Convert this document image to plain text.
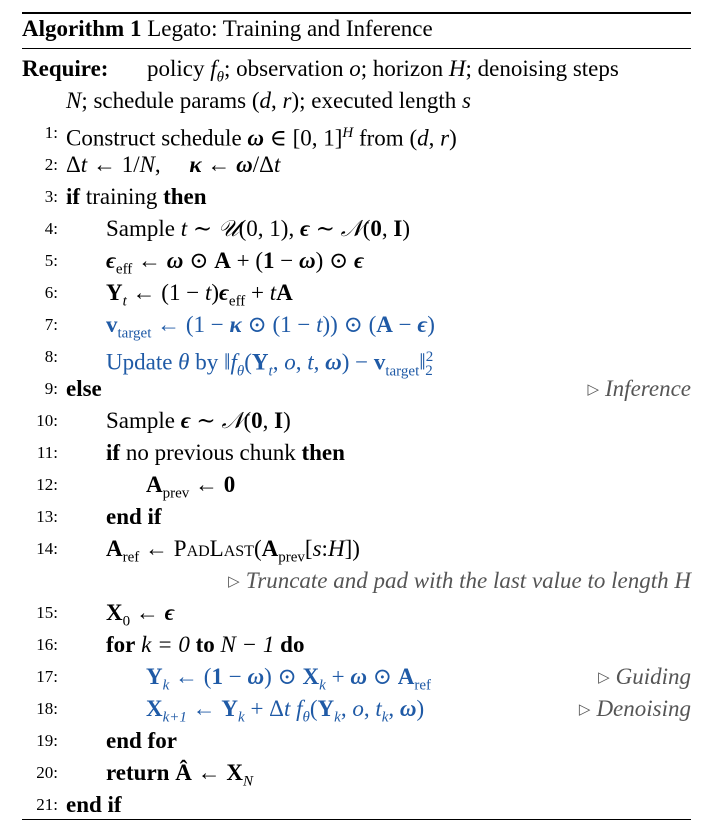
Algorithm 1 Legato: Training and Inference
Require: policy $f_\theta$; observation o; horizon H; denoising steps
N; schedule params (d, r); executed length s
1: Construct schedule ω ∈ [0, 1]$^H$ from (d, r)
2: Δt ← 1/N,     κ ← ω/Δt
3: if training then
4: Sample t ∼ 𝒰(0, 1), ϵ ∼ 𝒩(0, I)
5: $\epsilon_{eff}$ ← ω ⊙ A + (1 − ω) ⊙ ϵ
6: $Y_t$ ← $(1 - t)\epsilon_{eff}$ + tA
7: $v_{target}$ ← (1 − κ ⊙ (1 − t)) ⊙ (A − ϵ)
8: Update θ by $‖f_\theta(Y_t$, o, t, $\omega) - v_{target}‖^2_2$
9: else	▷ Inference
10: Sample ϵ ∼ 𝒩(0, I)
11: if no previous chunk then
12:	$A_{prev}$ ← 0
13: end if
14: $A_{ref}$ ← $PadLast(A_{prev}[s:H])$
▷ Truncate and pad with the last value to length H
15: $X_0$ ← ϵ
16: for k = 0 to N − 1 do
17:	$Y_k$ ← (1 − ω) ⊙ $X_k + \omega$ ⊙ $A_{ref}$	▷ Guiding
18:	$X_{k+1}$ ← $Y_k + \Delta t$ $f_\theta(Y_k$, o, $t_k$, ω)	▷ Denoising
19: end for
20: return Â ← $X_N$
21: end if
